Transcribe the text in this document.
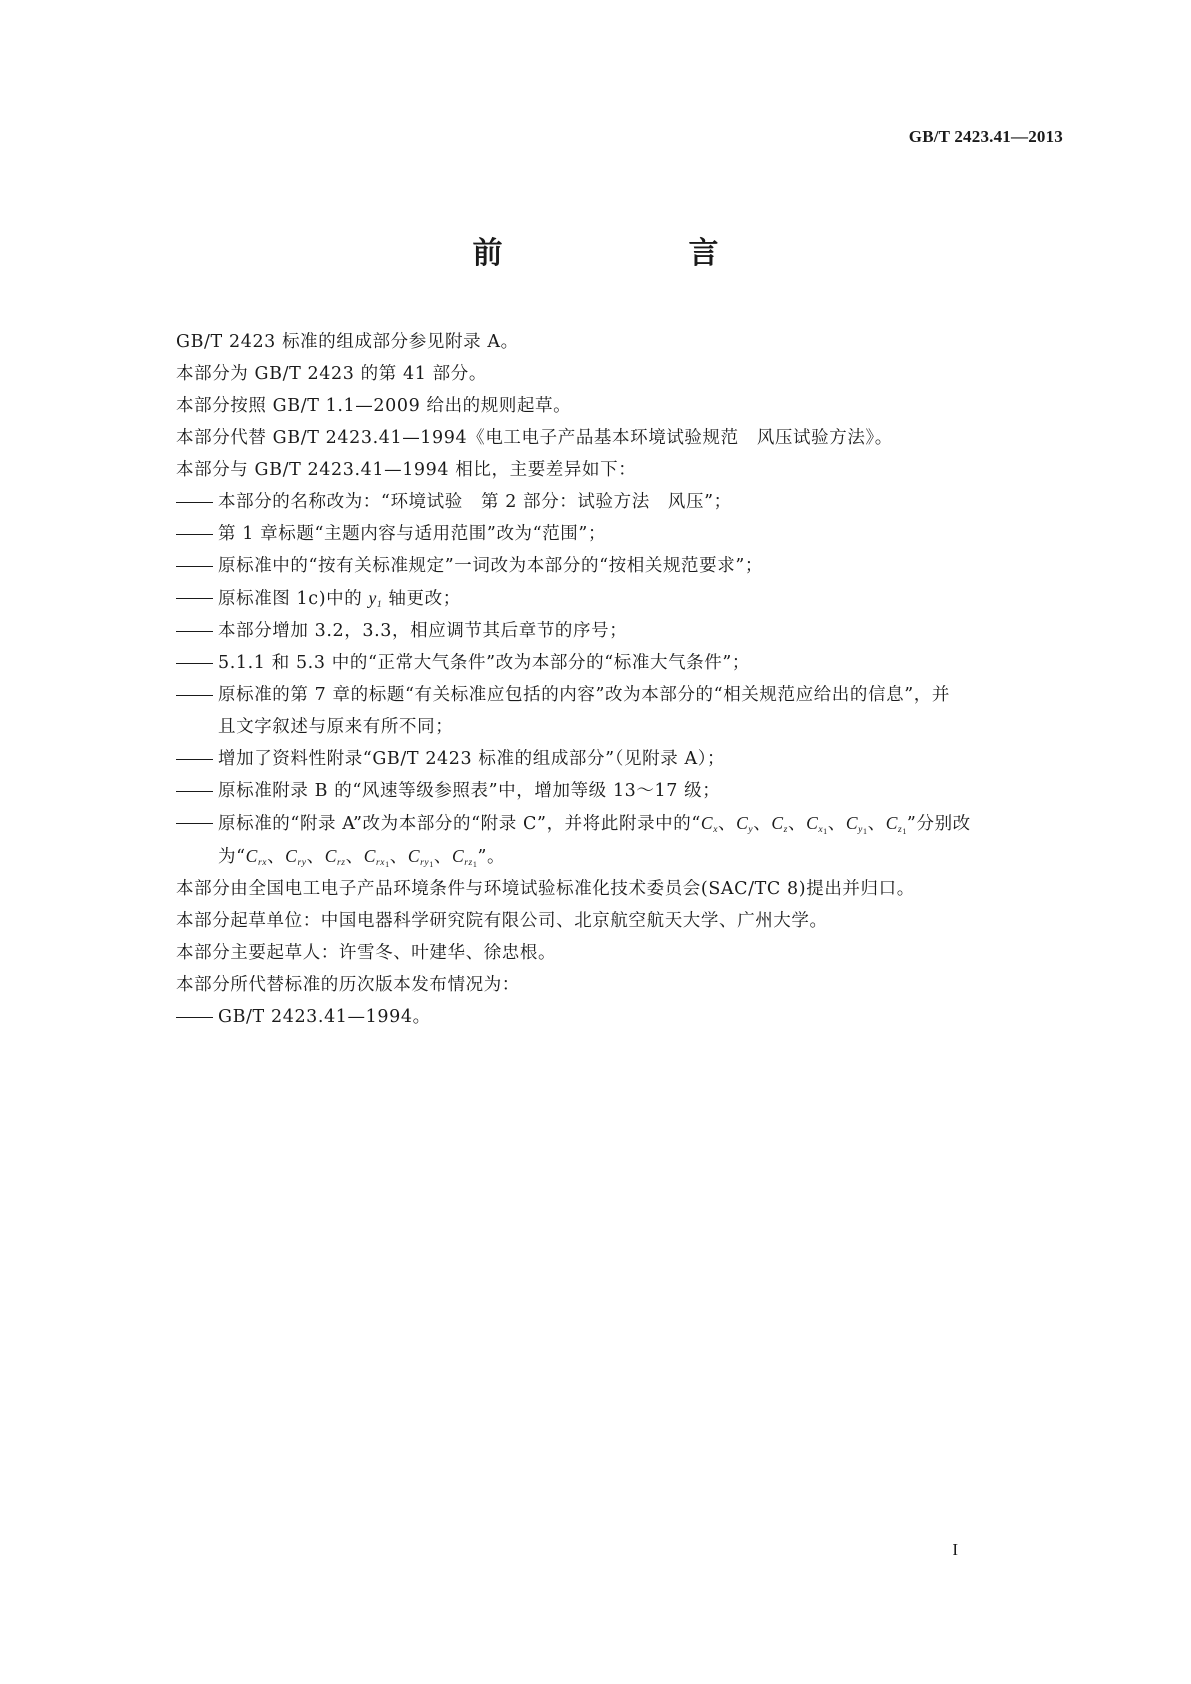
GB/T 2423.41—2013
前　　言
GB/T 2423 标准的组成部分参见附录 A。
本部分为 GB/T 2423 的第 41 部分。
本部分按照 GB/T 1.1—2009 给出的规则起草。
本部分代替 GB/T 2423.41—1994《电工电子产品基本环境试验规范　风压试验方法》。
本部分与 GB/T 2423.41—1994 相比，主要差异如下：
本部分的名称改为：“环境试验　第 2 部分：试验方法　风压”；
第 1 章标题“主题内容与适用范围”改为“范围”；
原标准中的“按有关标准规定”一词改为本部分的“按相关规范要求”；
原标准图 1c)中的 $y_1$ 轴更改；
本部分增加 3.2，3.3，相应调节其后章节的序号；
5.1.1 和 5.3 中的“正常大气条件”改为本部分的“标准大气条件”；
原标准的第 7 章的标题“有关标准应包括的内容”改为本部分的“相关规范应给出的信息”，并
且文字叙述与原来有所不同；
增加了资料性附录“GB/T 2423 标准的组成部分”（见附录 A）；
原标准附录 B 的“风速等级参照表”中，增加等级 13～17 级；
原标准的“附录 A”改为本部分的“附录 C”，并将此附录中的“$C_x$、$C_y$、$C_z$、$C_{x_1}$、$C_{y_1}$、$C_{z_1}$”分别改
为“$C_{rx}$、$C_{ry}$、$C_{rz}$、$C_{rx_1}$、$C_{ry_1}$、$C_{rz_1}$”。
本部分由全国电工电子产品环境条件与环境试验标准化技术委员会(SAC/TC 8)提出并归口。
本部分起草单位：中国电器科学研究院有限公司、北京航空航天大学、广州大学。
本部分主要起草人：许雪冬、叶建华、徐忠根。
本部分所代替标准的历次版本发布情况为：
GB/T 2423.41—1994。
I
